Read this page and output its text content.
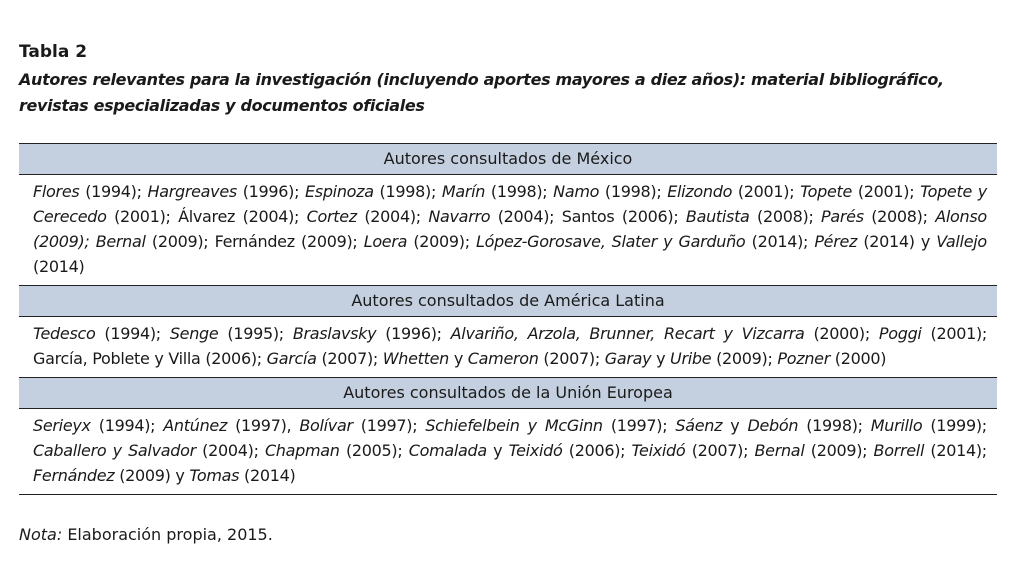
Tabla 2
Autores relevantes para la investigación (incluyendo aportes mayores a diez años): material bibliográfico, revistas especializadas y documentos oficiales
Autores consultados de México
Flores (1994); Hargreaves (1996); Espinoza (1998); Marín (1998); Namo (1998); Elizondo (2001); Topete (2001); Topete y Cerecedo (2001); Álvarez (2004); Cortez (2004); Navarro (2004); Santos (2006); Bautista (2008); Parés (2008); Alonso (2009); Bernal (2009); Fernández (2009); Loera (2009); López-Gorosave, Slater y Garduño (2014); Pérez (2014) y Vallejo (2014)
Autores consultados de América Latina
Tedesco (1994); Senge (1995); Braslavsky (1996); Alvariño, Arzola, Brunner, Recart y Vizcarra (2000); Poggi (2001); García, Poblete y Villa (2006); García (2007); Whetten y Cameron (2007); Garay y Uribe (2009); Pozner (2000)
Autores consultados de la Unión Europea
Serieyx (1994); Antúnez (1997), Bolívar (1997); Schiefelbein y McGinn (1997); Sáenz y Debón (1998); Murillo (1999); Caballero y Salvador (2004); Chapman (2005); Comalada y Teixidó (2006); Teixidó (2007); Bernal (2009); Borrell (2014); Fernández (2009) y Tomas (2014)
Nota: Elaboración propia, 2015.
